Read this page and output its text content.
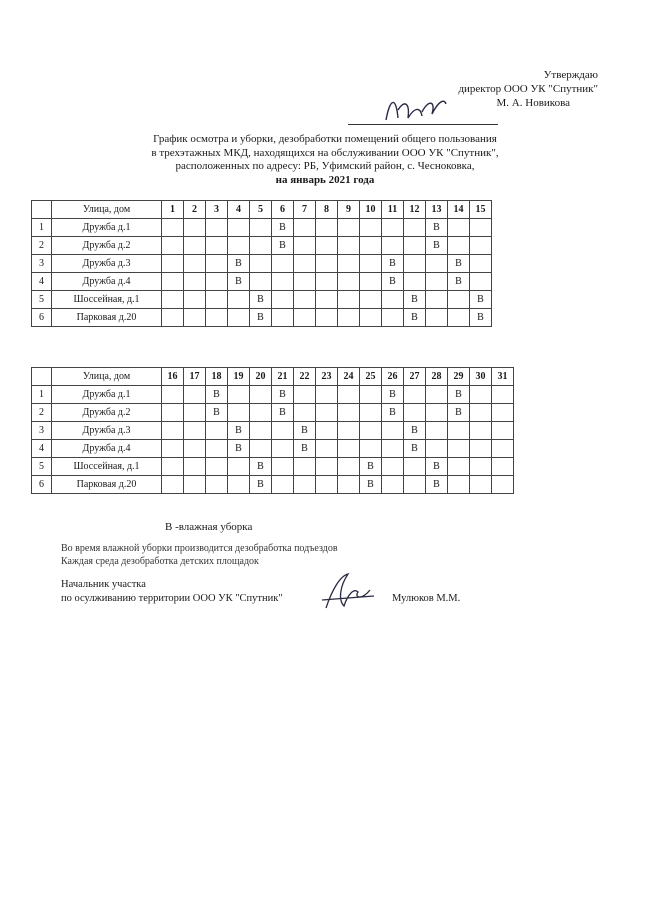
Утверждаю
директор ООО УК "Спутник"
М. А. Новикова
График осмотра и уборки, дезобработки помещений общего пользования
в трехэтажных МКД, находящихся на обслуживании ООО УК "Спутник",
расположенных по адресу: РБ, Уфимский район, с. Чесноковка,
на январь 2021 года
	Улица, дом	1	2	3	4	5	6	7	8	9	10	11	12	13	14	15
1	Дружба д.1						В							В		
2	Дружба д.2						В							В		
3	Дружба д.3				В							В			В	
4	Дружба д.4				В							В			В	
5	Шоссейная, д.1					В							В			В
6	Парковая д.20					В							В			В
	Улица, дом	16	17	18	19	20	21	22	23	24	25	26	27	28	29	30	31
1	Дружба д.1			В			В					В			В		
2	Дружба д.2			В			В					В			В		
3	Дружба д.3				В			В					В				
4	Дружба д.4				В			В					В				
5	Шоссейная, д.1					В					В			В			
6	Парковая д.20					В					В			В			
В -влажная уборка
Во время влажной уборки производится дезобработка подъездов
Каждая среда дезобработка детских площадок
Начальник участка
по осулживанию территории ООО УК "Спутник"	Мулюков М.М.
